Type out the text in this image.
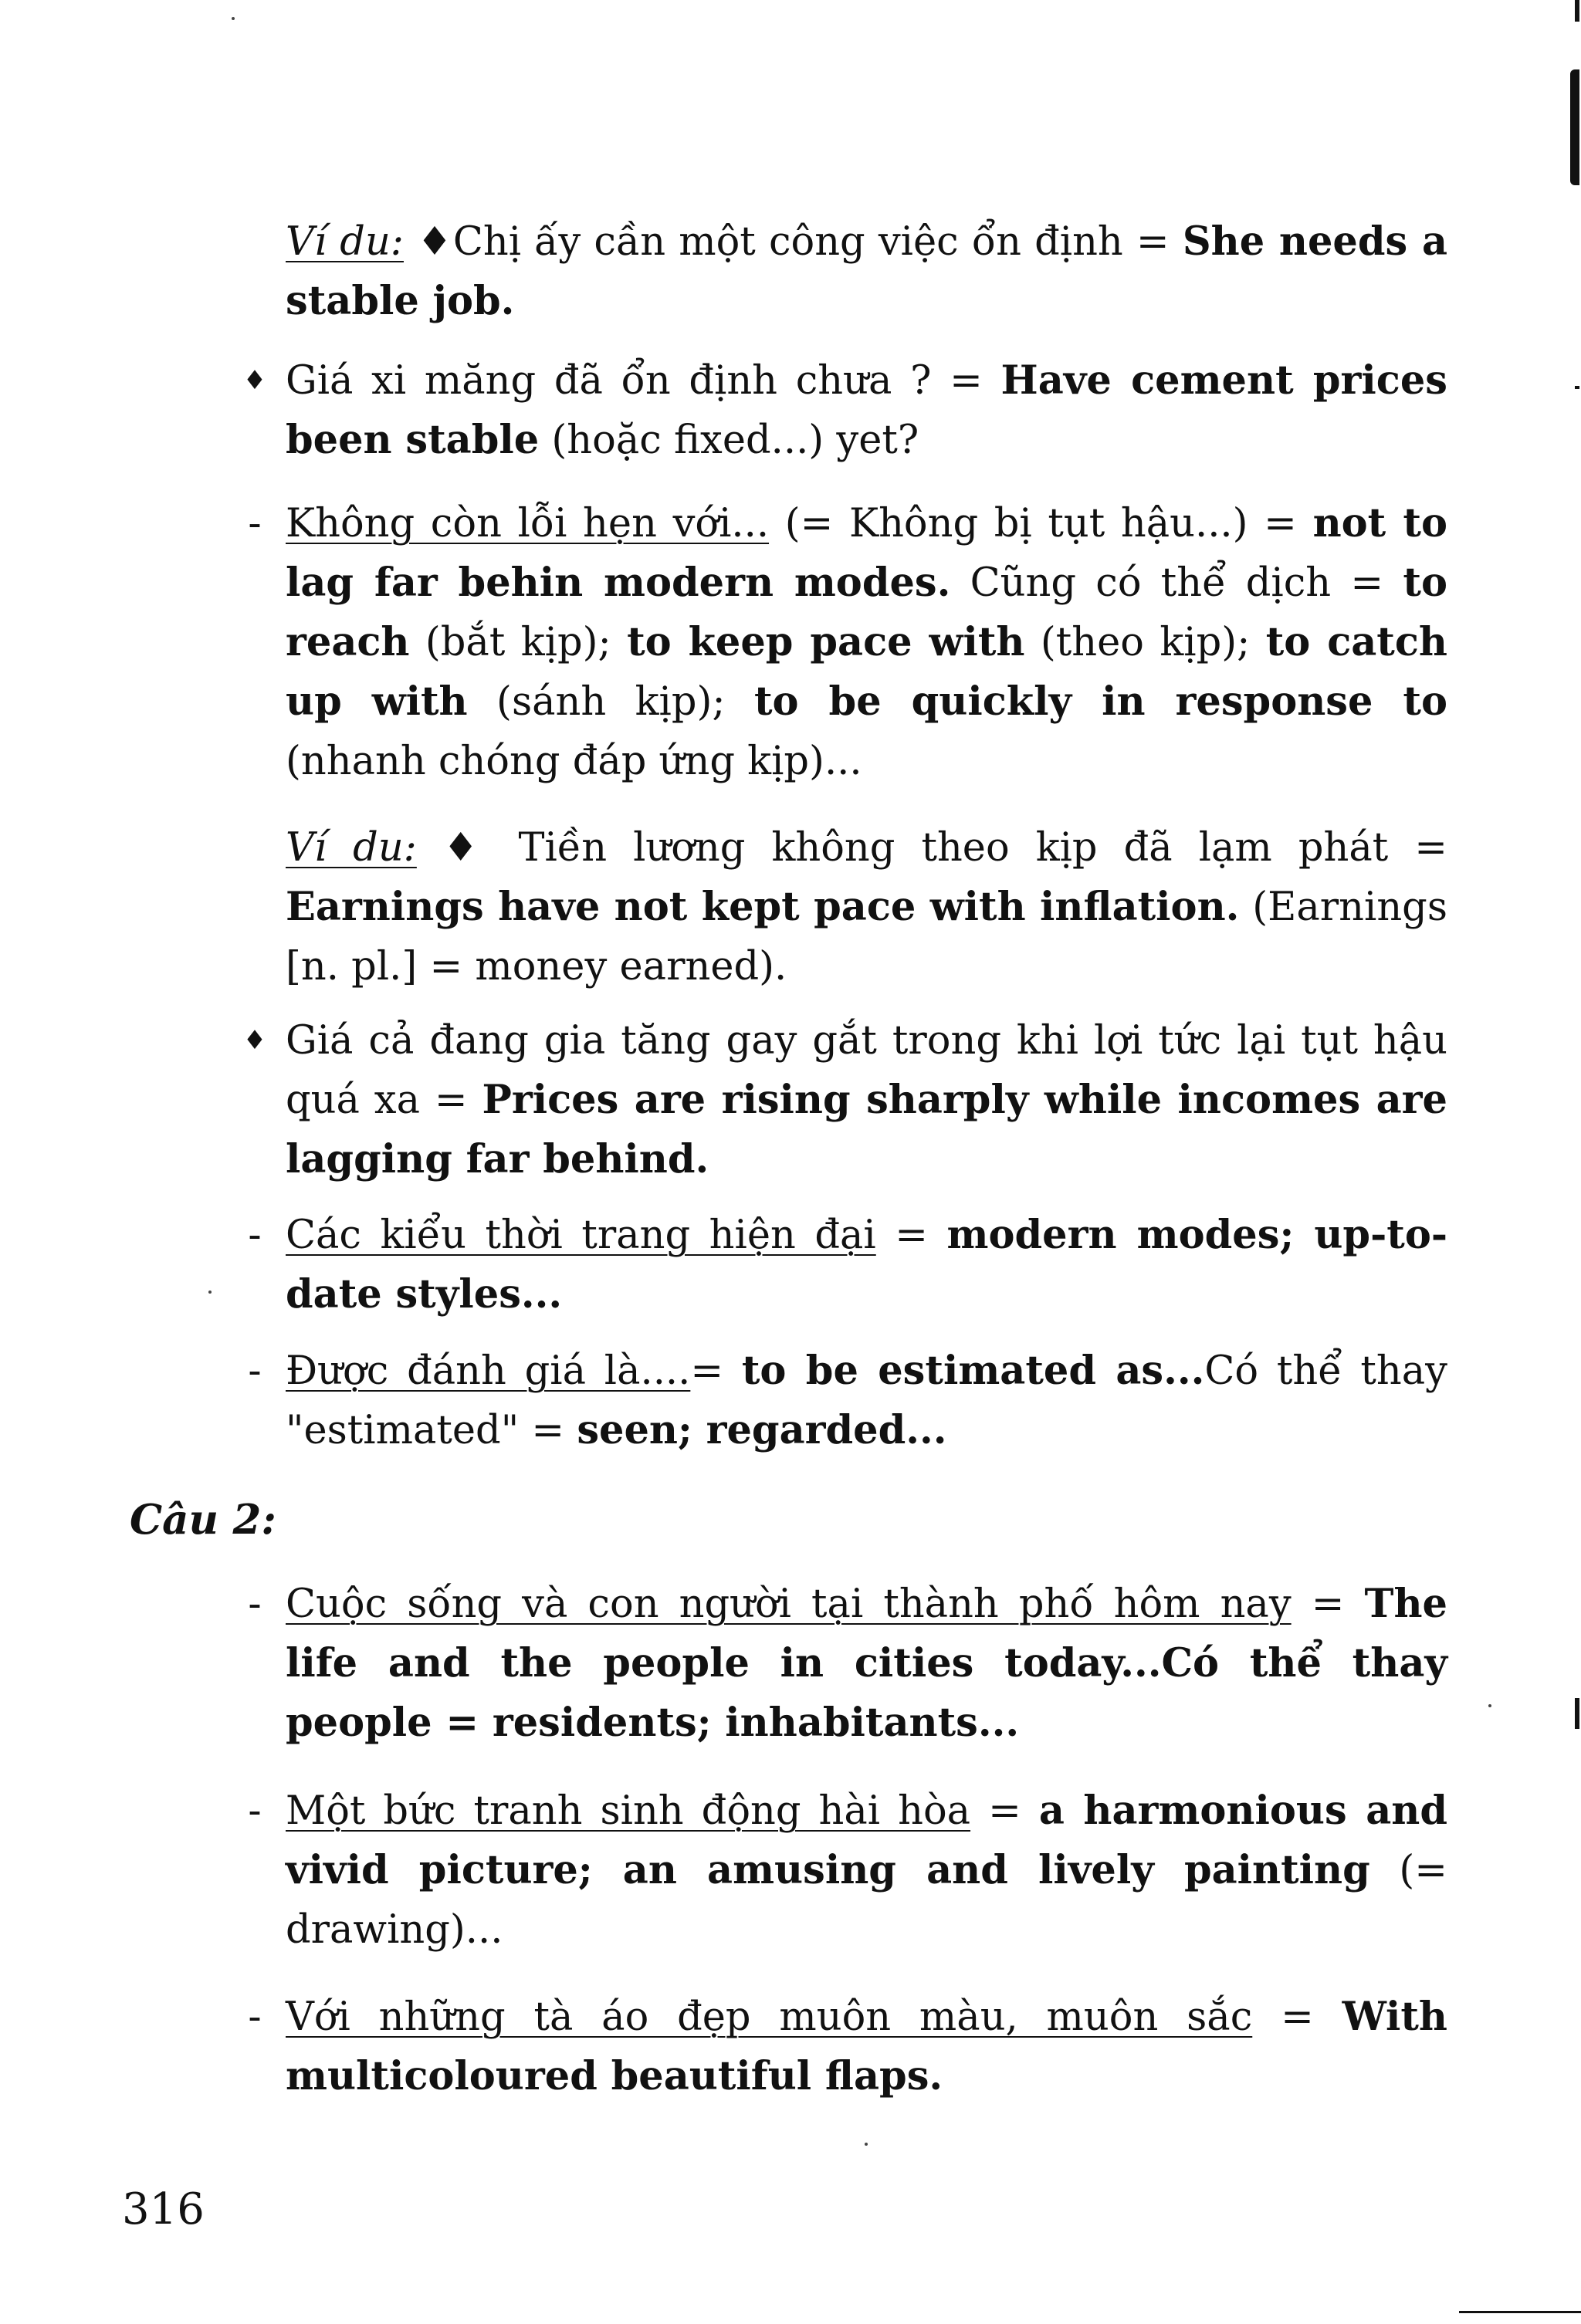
Ví du: ♦Chị ấy cần một công việc ổn định = She needs a stable job.
♦ Giá xi măng đã ổn định chưa ? = Have cement prices been stable (hoặc fixed...) yet?
- Không còn lỗi hẹn với... (= Không bị tụt hậu...) = not to lag far behin modern modes. Cũng có thể dịch = to reach (bắt kịp); to keep pace with (theo kịp); to catch up with (sánh kịp); to be quickly in response to (nhanh chóng đáp ứng kịp)...
Ví du: ♦ Tiền lương không theo kịp đã lạm phát = Earnings have not kept pace with inflation. (Earnings [n. pl.] = money earned).
♦ Giá cả đang gia tăng gay gắt trong khi lợi tức lại tụt hậu quá xa = Prices are rising sharply while incomes are lagging far behind.
- Các kiểu thời trang hiện đại = modern modes; up-to-date styles...
- Được đánh giá là....= to be estimated as...Có thể thay "estimated" = seen; regarded...
Câu 2:
- Cuộc sống và con người tại thành phố hôm nay = The life and the people in cities today...Có thể thay people = residents; inhabitants...
- Một bức tranh sinh động hài hòa = a harmonious and vivid picture; an amusing and lively painting (= drawing)...
- Với những tà áo đẹp muôn màu, muôn sắc = With multicoloured beautiful flaps.
316
